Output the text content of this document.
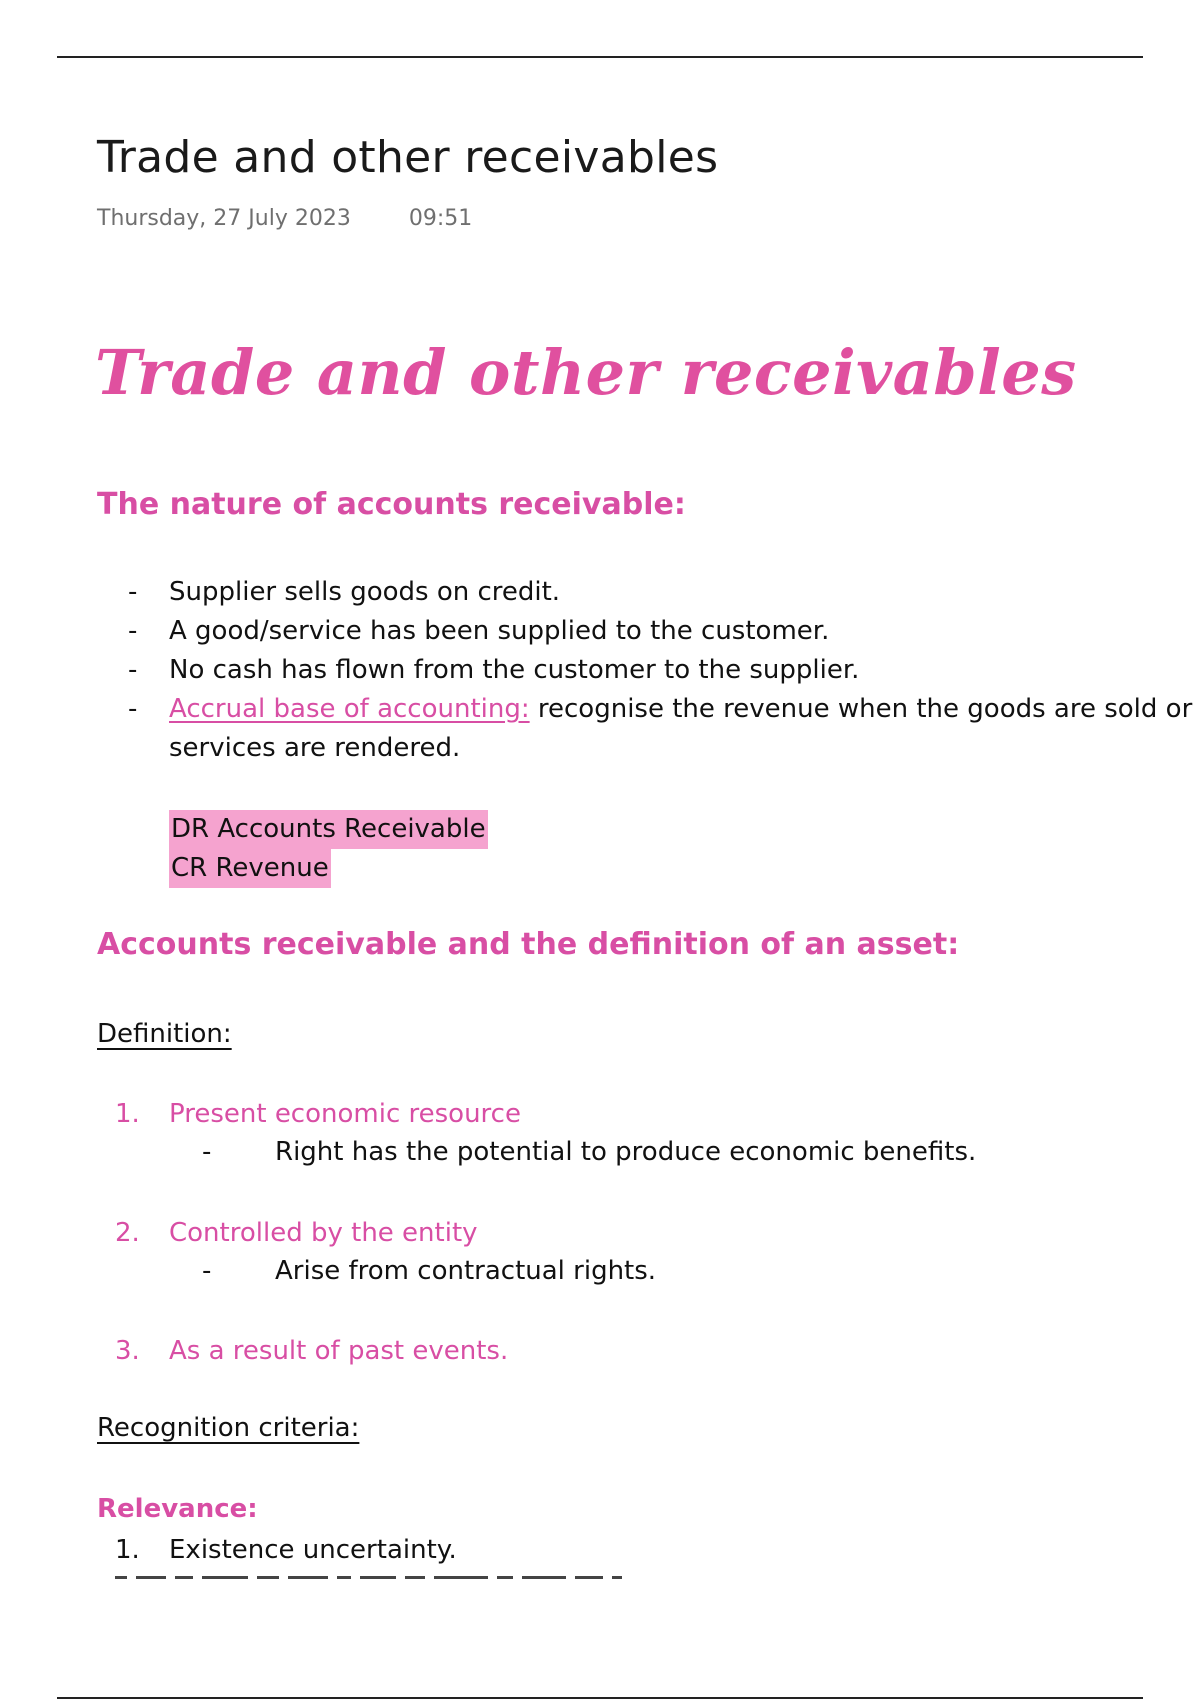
Trade and other receivables
Thursday, 27 July 2023	09:51
Trade and other receivables
The nature of accounts receivable:
- Supplier sells goods on credit.
- A good/service has been supplied to the customer.
- No cash has flown from the customer to the supplier.
- Accrual base of accounting: recognise the revenue when the goods are sold or services are rendered.
DR Accounts Receivable
CR Revenue
Accounts receivable and the definition of an asset:
Definition:
1. Present economic resource
- Right has the potential to produce economic benefits.
2. Controlled by the entity
- Arise from contractual rights.
3. As a result of past events.
Recognition criteria:
Relevance:
1. Existence uncertainty.
